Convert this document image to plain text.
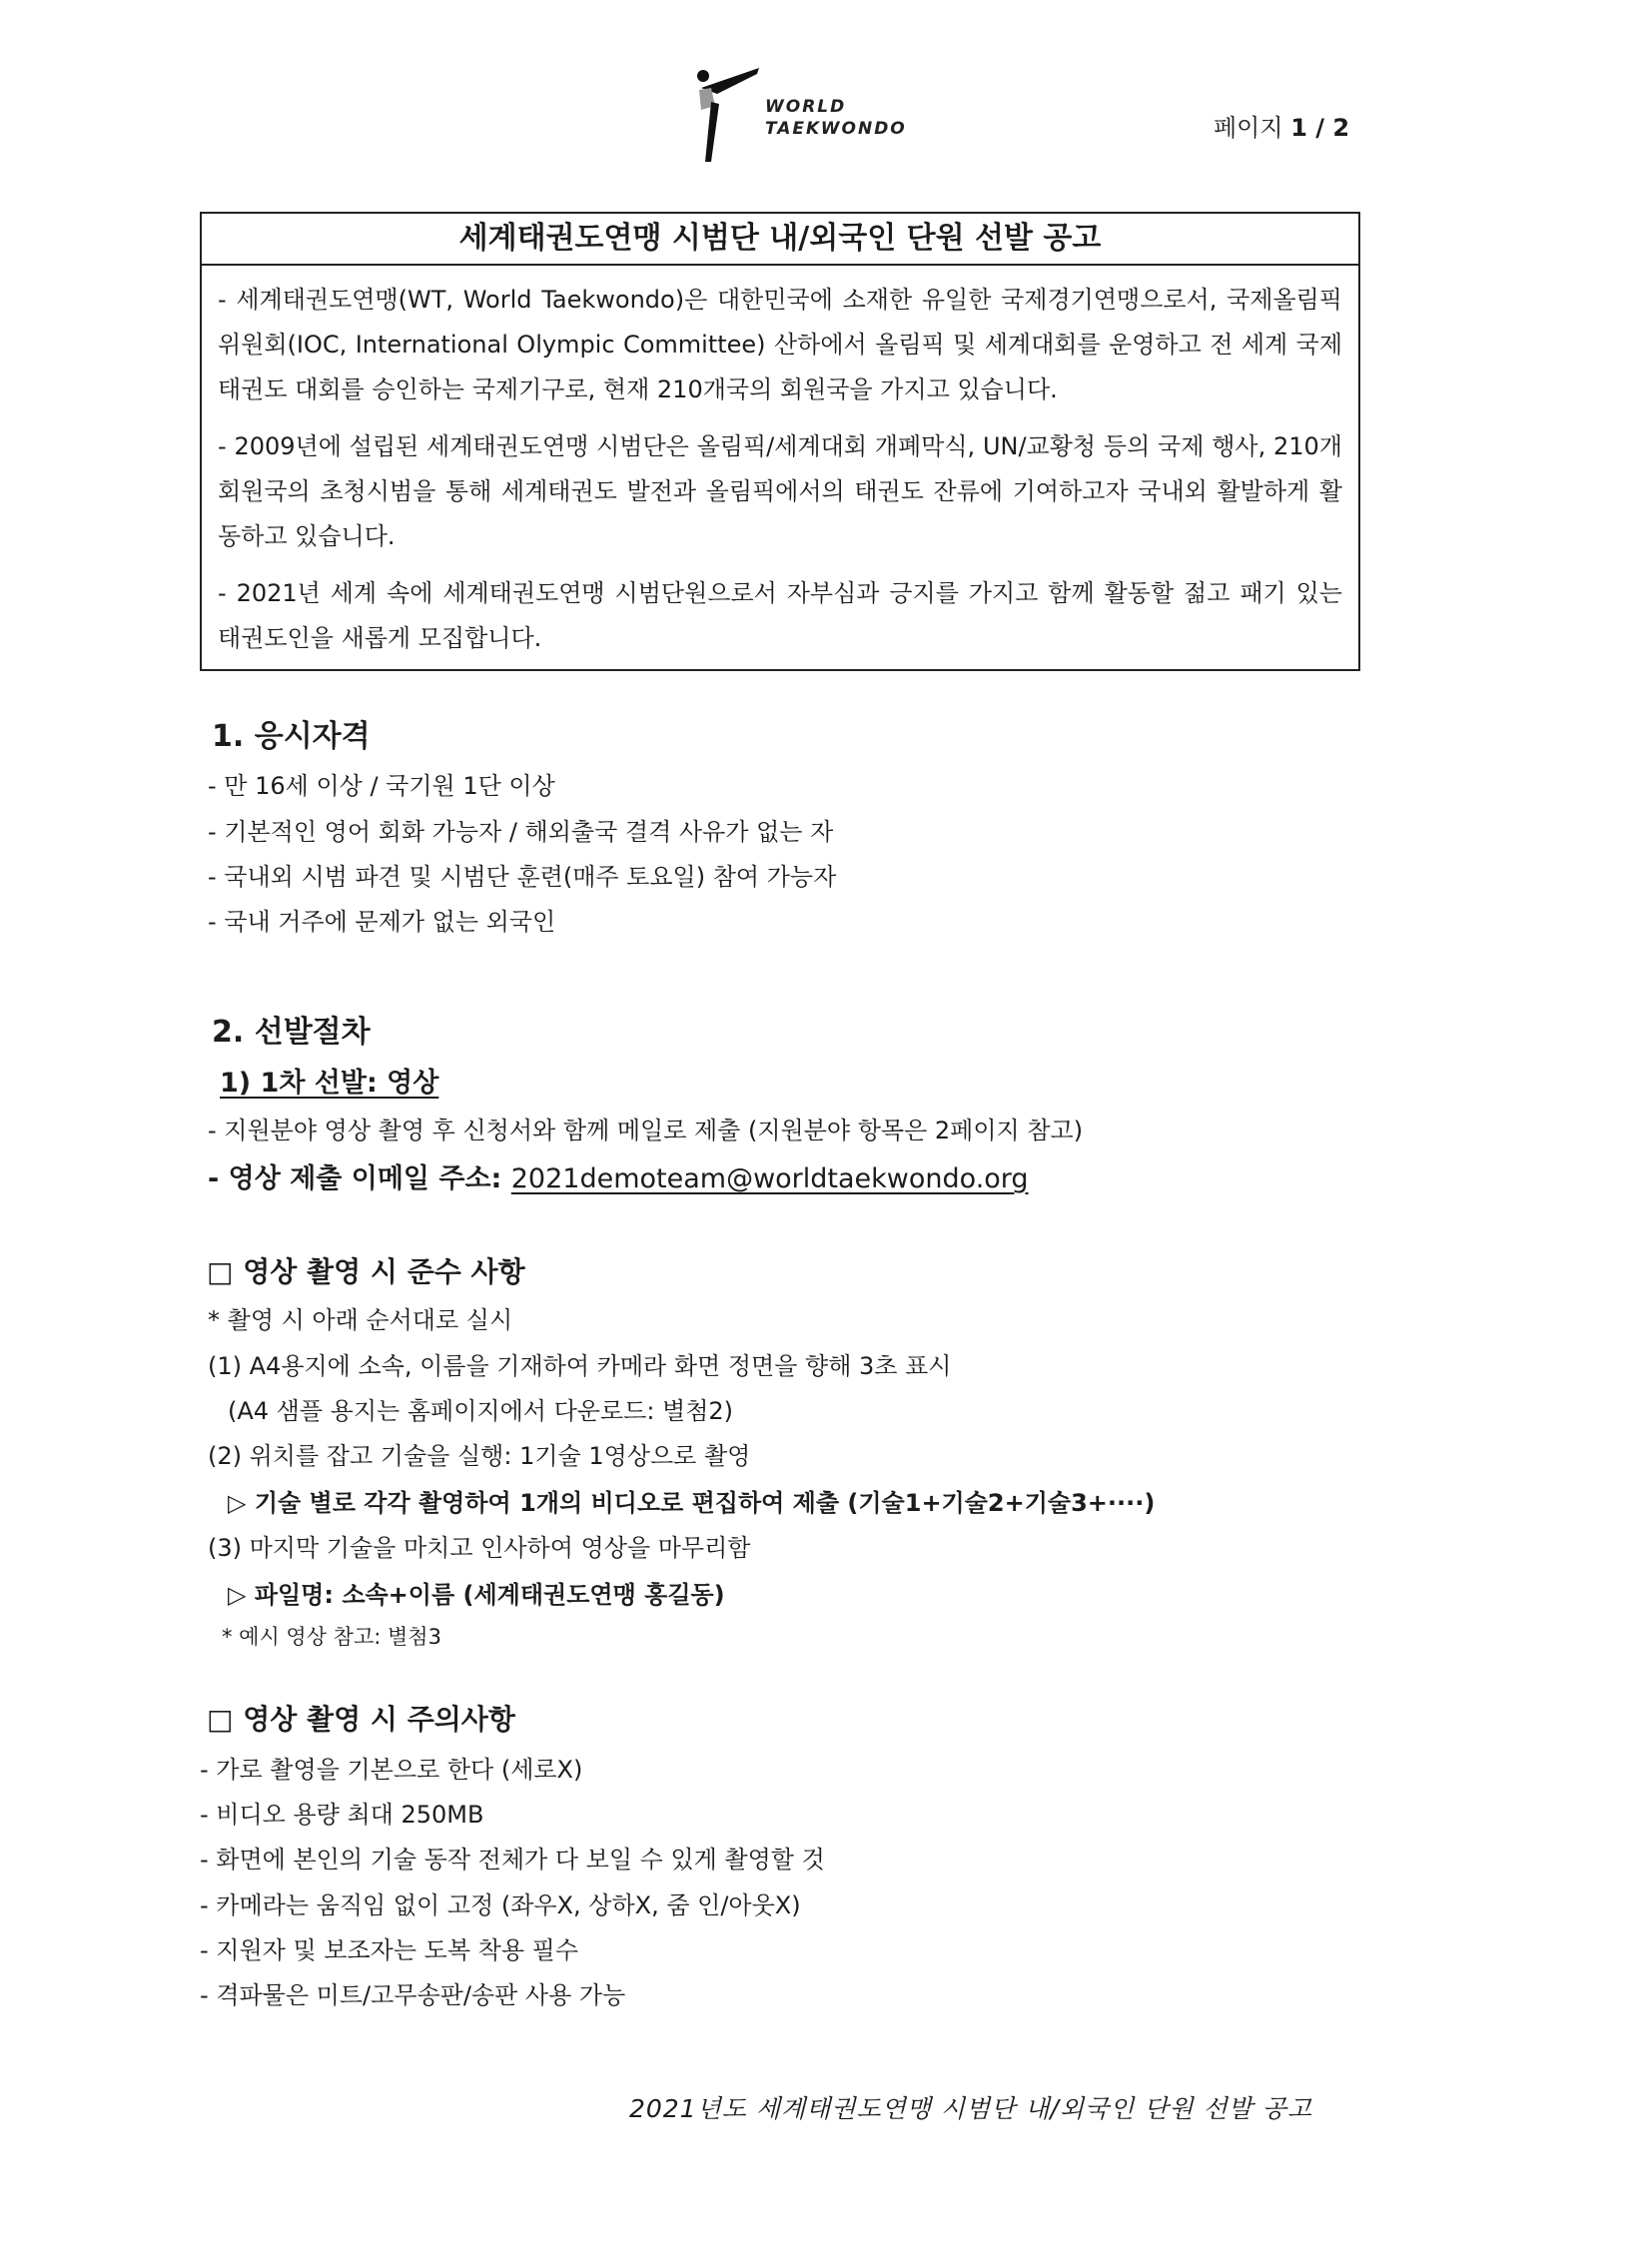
WORLD
TAEKWONDO	페이지 1 / 2
세계태권도연맹 시범단 내/외국인 단원 선발 공고

- 세계태권도연맹(WT, World Taekwondo)은 대한민국에 소재한 유일한 국제경기연맹으로서, 국제올림픽위원회(IOC, International Olympic Committee) 산하에서 올림픽 및 세계대회를 운영하고 전 세계 국제 태권도 대회를 승인하는 국제기구로, 현재 210개국의 회원국을 가지고 있습니다.

- 2009년에 설립된 세계태권도연맹 시범단은 올림픽/세계대회 개폐막식, UN/교황청 등의 국제 행사, 210개 회원국의 초청시범을 통해 세계태권도 발전과 올림픽에서의 태권도 잔류에 기여하고자 국내외 활발하게 활동하고 있습니다.

- 2021년 세계 속에 세계태권도연맹 시범단원으로서 자부심과 긍지를 가지고 함께 활동할 젊고 패기 있는 태권도인을 새롭게 모집합니다.

1. 응시자격
- 만 16세 이상 / 국기원 1단 이상
- 기본적인 영어 회화 가능자 / 해외출국 결격 사유가 없는 자
- 국내외 시범 파견 및 시범단 훈련(매주 토요일) 참여 가능자
- 국내 거주에 문제가 없는 외국인
2. 선발절차
1) 1차 선발: 영상
- 지원분야 영상 촬영 후 신청서와 함께 메일로 제출 (지원분야 항목은 2페이지 참고)
- 영상 제출 이메일 주소: 2021demoteam@worldtaekwondo.org
□ 영상 촬영 시 준수 사항
* 촬영 시 아래 순서대로 실시
(1) A4용지에 소속, 이름을 기재하여 카메라 화면 정면을 향해 3초 표시
(A4 샘플 용지는 홈페이지에서 다운로드: 별첨2)
(2) 위치를 잡고 기술을 실행: 1기술 1영상으로 촬영
▷ 기술 별로 각각 촬영하여 1개의 비디오로 편집하여 제출 (기술1+기술2+기술3+····)
(3) 마지막 기술을 마치고 인사하여 영상을 마무리함
▷ 파일명: 소속+이름 (세계태권도연맹 홍길동)
* 예시 영상 참고: 별첨3
□ 영상 촬영 시 주의사항
- 가로 촬영을 기본으로 한다 (세로X)
- 비디오 용량 최대 250MB
- 화면에 본인의 기술 동작 전체가 다 보일 수 있게 촬영할 것
- 카메라는 움직임 없이 고정 (좌우X, 상하X, 줌 인/아웃X)
- 지원자 및 보조자는 도복 착용 필수
- 격파물은 미트/고무송판/송판 사용 가능
2021년도 세계태권도연맹 시범단 내/외국인 단원 선발 공고
